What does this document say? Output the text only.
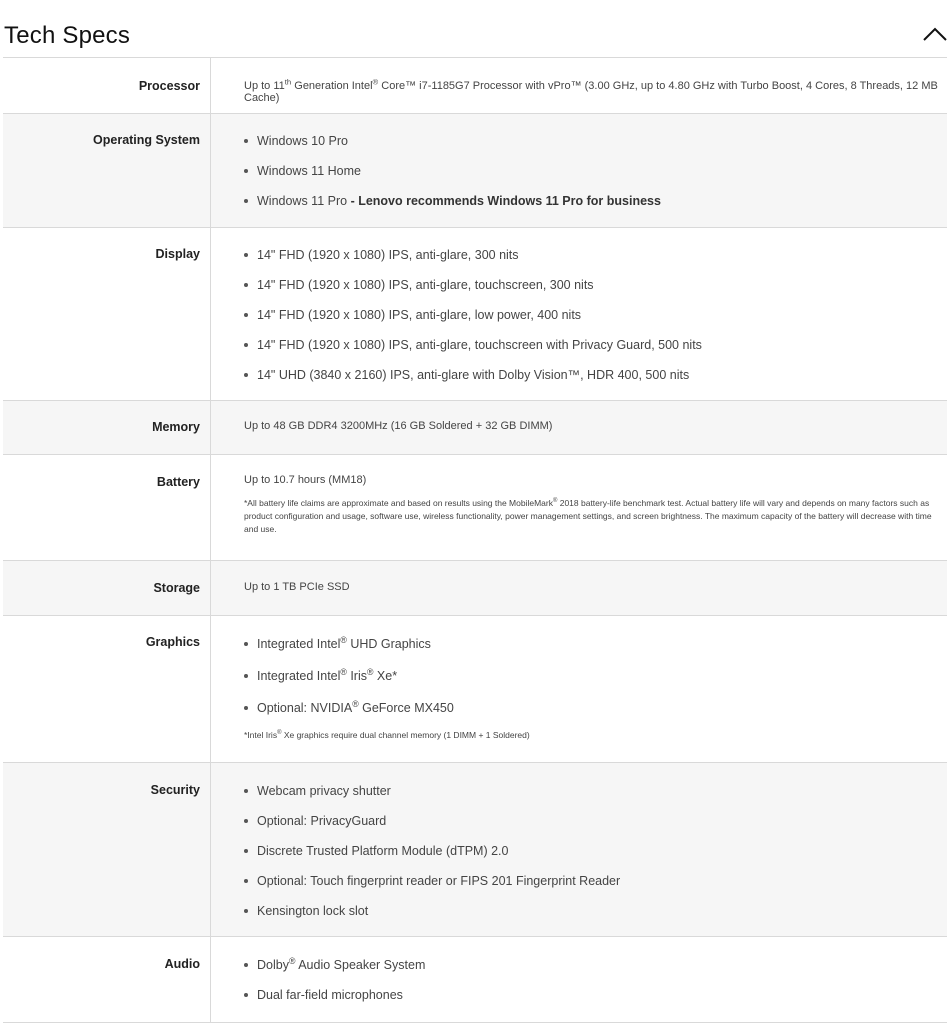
Tech Specs
Processor	Up to 11th Generation Intel® Core™ i7-1185G7 Processor with vPro™ (3.00 GHz, up to 4.80 GHz with Turbo Boost, 4 Cores, 8 Threads, 12 MB Cache)
Operating System	Windows 10 Pro
Windows 11 Home
Windows 11 Pro - Lenovo recommends Windows 11 Pro for business
Display	14" FHD (1920 x 1080) IPS, anti-glare, 300 nits
14" FHD (1920 x 1080) IPS, anti-glare, touchscreen, 300 nits
14" FHD (1920 x 1080) IPS, anti-glare, low power, 400 nits
14" FHD (1920 x 1080) IPS, anti-glare, touchscreen with Privacy Guard, 500 nits
14" UHD (3840 x 2160) IPS, anti-glare with Dolby Vision™, HDR 400, 500 nits
Memory	Up to 48 GB DDR4 3200MHz (16 GB Soldered + 32 GB DIMM)
Battery	Up to 10.7 hours (MM18)

*All battery life claims are approximate and based on results using the MobileMark® 2018 battery-life benchmark test. Actual battery life will vary and depends on many factors such as product configuration and usage, software use, wireless functionality, power management settings, and screen brightness. The maximum capacity of the battery will decrease with time and use.

Storage	Up to 1 TB PCIe SSD
Graphics	Integrated Intel® UHD Graphics
Integrated Intel® Iris® Xe*
Optional: NVIDIA® GeForce MX450
*Intel Iris® Xe graphics require dual channel memory (1 DIMM + 1 Soldered)
Security	Webcam privacy shutter
Optional: PrivacyGuard
Discrete Trusted Platform Module (dTPM) 2.0
Optional: Touch fingerprint reader or FIPS 201 Fingerprint Reader
Kensington lock slot
Audio	Dolby® Audio Speaker System
Dual far-field microphones
